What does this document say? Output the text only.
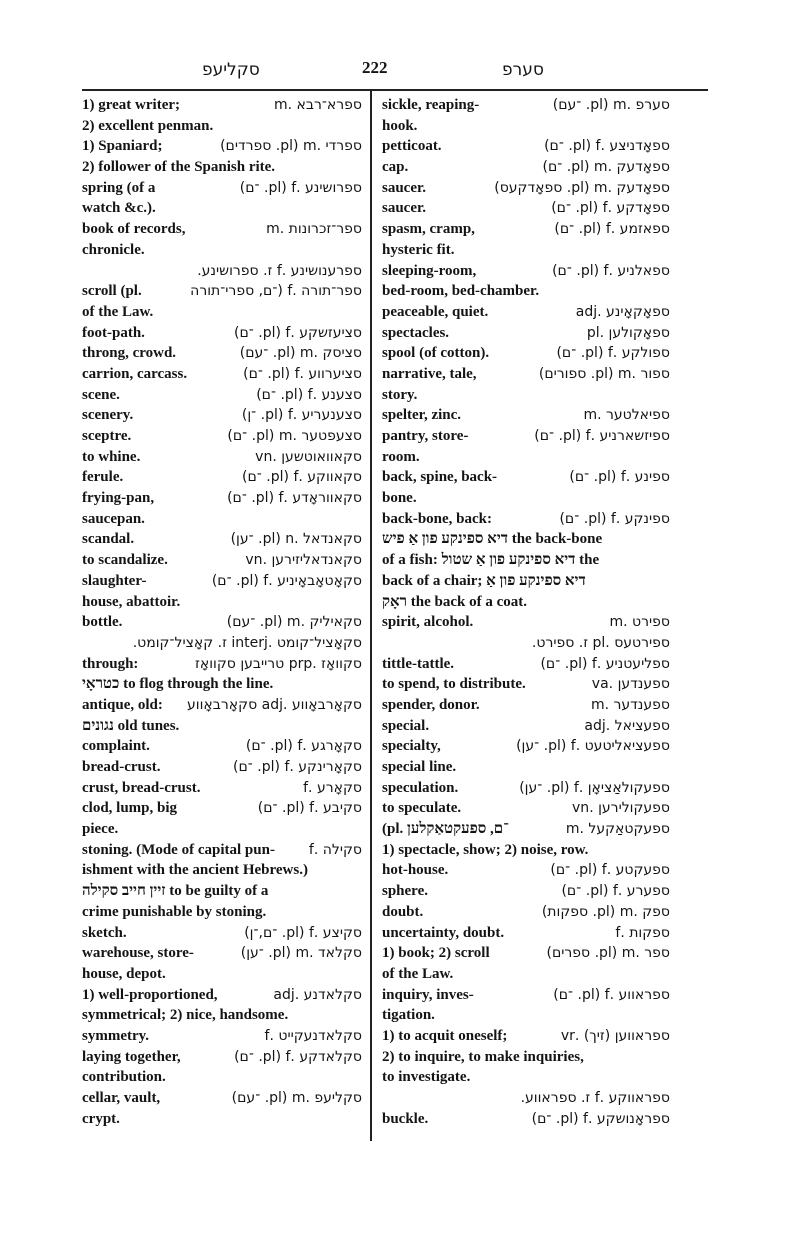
סקליעפ	222	סערפ
1) great writer;	ספרא־רבא .m
2) excellent penman.
1) Spaniard;	ספרדי .m (pl. ספרדים)
2) follower of the Spanish rite.
spring (of a	ספרושינע .f (pl. ־ם)
watch &c.).
book of records,	ספר־זכרונות .m
chronicle.
ספרענושינע .f ז. ספרושינע.
scroll (pl.	ספר־תורה .f (־ם, ספרי־תורה
of the Law.
foot-path.	סציעזשקע .f (pl. ־ם)
throng, crowd.	סציסק .m (pl. ־עם)
carrion, carcass.	סציערווע .f (pl. ־ם)
scene.	סצענע .f (pl. ־ם)
scenery.	סצענעריע .f (pl. ־ן)
sceptre.	סצעפטער .m (pl. ־ם)
to whine.	סקאוואוטשען .vn
ferule.	סקאווקע .f (pl. ־ם)
frying-pan,	סקאווראָדע .f (pl. ־ם)
saucepan.
scandal.	סקאנדאל .n (pl. ־ען)
to scandalize.	סקאנדאליזירען .vn
slaughter-	סקאָטאָבאָיניע .f (pl. ־ם)
house, abattoir.
bottle.	סקאיליק .m (pl. ־עם)
סקאָציל־קומט .interj ז. קאָציל־קומט.
through:	סקוואָז .prp טרייבען סקוואָז
כטראָי to flog through the line.
antique, old: סקאָרבאָווע .adj סקאָרבאָווע
נגונים old tunes.
complaint.	סקאָרגע .f (pl. ־ם)
bread-crust.	סקאָרינקע .f (pl. ־ם)
crust, bread-crust.	סקאָרע .f
clod, lump, big	סקיבע .f (pl. ־ם)
piece.
stoning. (Mode of capital pun- סקילה .f
ishment with the ancient Hebrews.)
זיין חייב סקילה to be guilty of a
crime punishable by stoning.
sketch.	סקיצע .f (pl. ־ם,־ן)
warehouse, store-	סקלאד .m (pl. ־ען)
house, depot.
1) well-proportioned,	סקלאדנע .adj
symmetrical; 2) nice, handsome.
symmetry.	סקלאדנעקייט .f
laying together,	סקלאדקע .f (pl. ־ם)
contribution.
cellar, vault,	סקליעפ .m (pl. ־עם)
crypt.
sickle, reaping-	סערפ .m (pl. ־עם)
hook.
petticoat.	ספאָדניצע .f (pl. ־ם)
cap.	ספאָדעק .m (pl. ־ם)
saucer.	ספאָדעק .m (pl. ספאָדקעס)
saucer.	ספאָדקע .f (pl. ־ם)
spasm, cramp,	ספאזמע .f (pl. ־ם)
hysteric fit.
sleeping-room,	ספאלניע .f (pl. ־ם)
bed-room, bed-chamber.
peaceable, quiet.	ספאָקאָינע .adj
spectacles.	ספאָקולען .pl
spool (of cotton).	ספולקע .f (pl. ־ם)
narrative, tale,	ספור .m (pl. ספורים)
story.
spelter, zinc.	ספיאלטער .m
pantry, store-	ספיזשארניע .f (pl. ־ם)
room.
back, spine, back-	ספינע .f (pl. ־ם)
bone.
back-bone, back:	ספינקע .f (pl. ־ם)
דיא ספינקע פון אַ פיש the back-bone
of a fish: דיא ספינקע פון אַ שטול the
back of a chair; דיא ספינקע פון אַ
ראָק the back of a coat.
spirit, alcohol.	ספירט .m
ספירטעס .pl ז. ספירט.
tittle-tattle.	ספליעטניע .f (pl. ־ם)
to spend, to distribute.	ספענדען .va
spender, donor.	ספענדער .m
special.	ספעציאל .adj
specialty,	ספעציאליטעט .f (pl. ־ען)
special line.
speculation.	ספעקולאַציאָן .f (pl. ־ען)
to speculate.	ספעקולירען .vn
(pl. ־ם, ספעקטאַקלען	ספעקטאַקעל .m
1) spectacle, show; 2) noise, row.
hot-house.	ספעקטע .f (pl. ־ם)
sphere.	ספערע .f (pl. ־ם)
doubt.	ספק .m (pl. ספקות)
uncertainty, doubt.	ספקות .f
1) book; 2) scroll	ספר .m (pl. ספרים)
of the Law.
inquiry, inves-	ספראווע .f (pl. ־ם)
tigation.
1) to acquit oneself;	ספראווען (זיך) .vr
2) to inquire, to make inquiries,
to investigate.
ספראווקע .f ז. ספראווע.
buckle.	ספראָנושקע .f (pl. ־ם)
